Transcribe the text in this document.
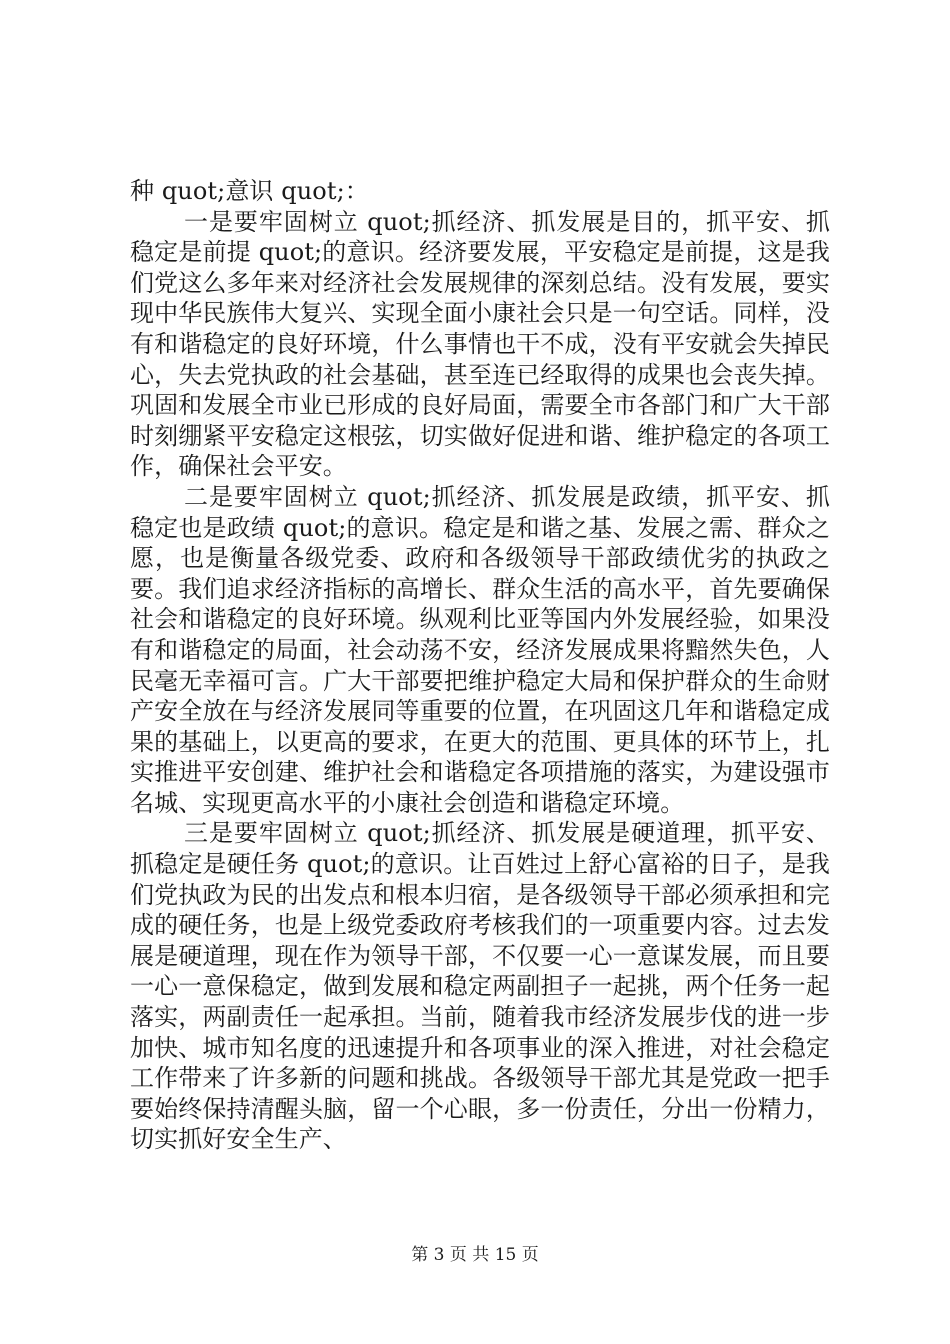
种 quot;意识 quot;：

一是要牢固树立 quot;抓经济、抓发展是目的，抓平安、抓稳定是前提 quot;的意识。经济要发展，平安稳定是前提，这是我们党这么多年来对经济社会发展规律的深刻总结。没有发展，要实现中华民族伟大复兴、实现全面小康社会只是一句空话。同样，没有和谐稳定的良好环境，什么事情也干不成，没有平安就会失掉民心，失去党执政的社会基础，甚至连已经取得的成果也会丧失掉。巩固和发展全市业已形成的良好局面，需要全市各部门和广大干部时刻绷紧平安稳定这根弦，切实做好促进和谐、维护稳定的各项工作，确保社会平安。

二是要牢固树立 quot;抓经济、抓发展是政绩，抓平安、抓稳定也是政绩 quot;的意识。稳定是和谐之基、发展之需、群众之愿，也是衡量各级党委、政府和各级领导干部政绩优劣的执政之要。我们追求经济指标的高增长、群众生活的高水平，首先要确保社会和谐稳定的良好环境。纵观利比亚等国内外发展经验，如果没有和谐稳定的局面，社会动荡不安，经济发展成果将黯然失色，人民毫无幸福可言。广大干部要把维护稳定大局和保护群众的生命财产安全放在与经济发展同等重要的位置，在巩固这几年和谐稳定成果的基础上，以更高的要求，在更大的范围、更具体的环节上，扎实推进平安创建、维护社会和谐稳定各项措施的落实，为建设强市名城、实现更高水平的小康社会创造和谐稳定环境。

三是要牢固树立 quot;抓经济、抓发展是硬道理，抓平安、抓稳定是硬任务 quot;的意识。让百姓过上舒心富裕的日子，是我们党执政为民的出发点和根本归宿，是各级领导干部必须承担和完成的硬任务，也是上级党委政府考核我们的一项重要内容。过去发展是硬道理，现在作为领导干部，不仅要一心一意谋发展，而且要一心一意保稳定，做到发展和稳定两副担子一起挑，两个任务一起落实，两副责任一起承担。当前，随着我市经济发展步伐的进一步加快、城市知名度的迅速提升和各项事业的深入推进，对社会稳定工作带来了许多新的问题和挑战。各级领导干部尤其是党政一把手要始终保持清醒头脑，留一个心眼，多一份责任，分出一份精力，切实抓好安全生产、

第 3 页 共 15 页
